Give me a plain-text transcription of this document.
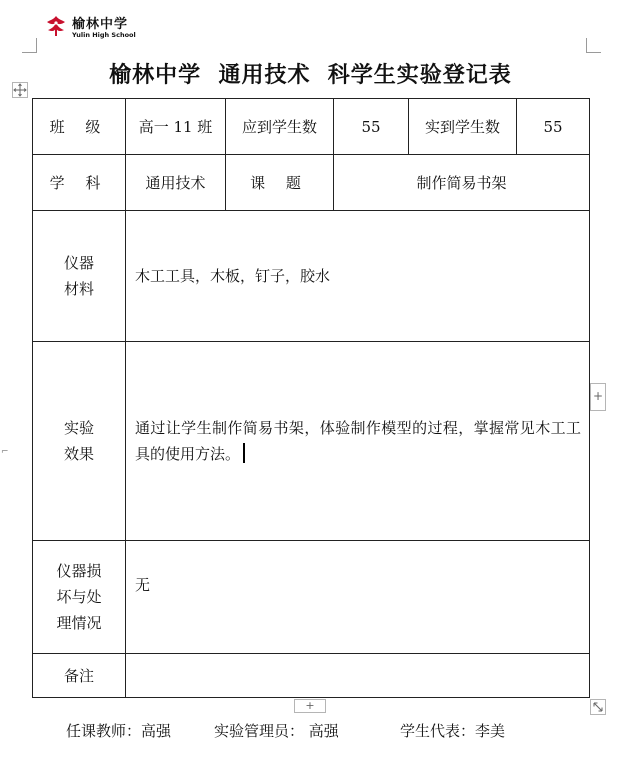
榆林中学
Yulin High School
榆林中学  通用技术  科学生实验登记表
班 级	高一 11 班	应到学生数	55	实到学生数	55
学 科	通用技术	课 题	制作简易书架		

仪器
材料	木工工具，木板，钉子，胶水				

实验
效果	通过让学生制作简易书架，体验制作模型的过程，掌握常见木工工具的使用方法。				

仪器损
坏与处
理情况	无				
备注					
+
+
⌐
任课教师：高强	实验管理员： 高强	学生代表：李美
